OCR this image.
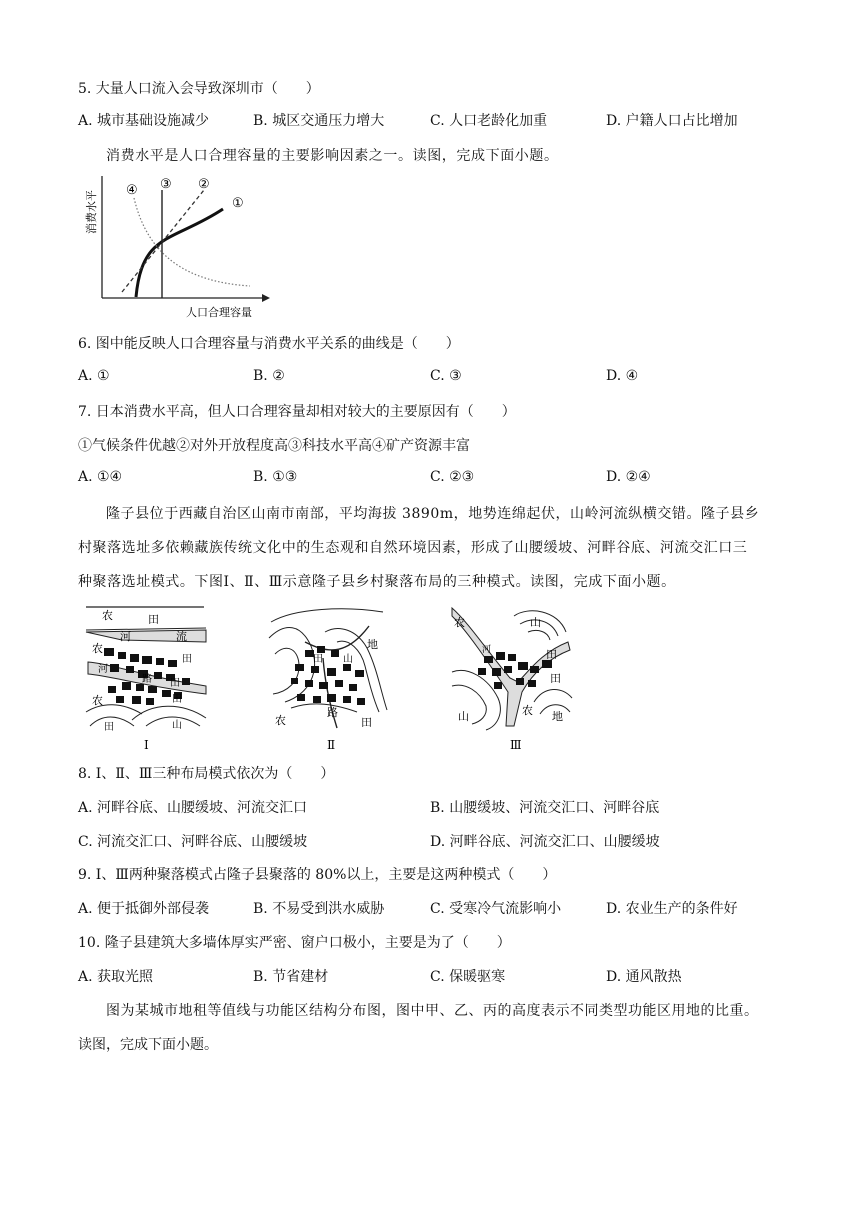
5. 大量人口流入会导致深圳市（　　）
A. 城市基础设施减少	B. 城区交通压力增大	C. 人口老龄化加重	D. 户籍人口占比增加
消费水平是人口合理容量的主要影响因素之一。读图，完成下面小题。
①
②
③
④
消费水平
人口合理容量
6. 图中能反映人口合理容量与消费水平关系的曲线是（　　）
A. ①	B. ②	C. ③	D. ④
7. 日本消费水平高，但人口合理容量却相对较大的主要原因有（　　）
①气候条件优越②对外开放程度高③科技水平高④矿产资源丰富
A. ①④	B. ①③	C. ②③	D. ②④
隆子县位于西藏自治区山南市南部，平均海拔 3890m，地势连绵起伏，山岭河流纵横交错。隆子县乡
村聚落选址多依赖藏族传统文化中的生态观和自然环境因素，形成了山腰缓坡、河畔谷底、河流交汇口三
种聚落选址模式。下图Ⅰ、Ⅱ、Ⅲ示意隆子县乡村聚落布局的三种模式。读图，完成下面小题。
农	田
河	流
农
河
田
田
路
农	田
田	山
Ⅰ
田 山
地
农
路
田
Ⅱ
农	山
田
田
河
山	农 地
Ⅲ
8. Ⅰ、Ⅱ、Ⅲ三种布局模式依次为（　　）
A. 河畔谷底、山腰缓坡、河流交汇口	B. 山腰缓坡、河流交汇口、河畔谷底
C. 河流交汇口、河畔谷底、山腰缓坡	D. 河畔谷底、河流交汇口、山腰缓坡
9. Ⅰ、Ⅲ两种聚落模式占隆子县聚落的 80%以上，主要是这两种模式（　　）
A. 便于抵御外部侵袭	B. 不易受到洪水威胁	C. 受寒冷气流影响小	D. 农业生产的条件好
10. 隆子县建筑大多墙体厚实严密、窗户口极小，主要是为了（　　）
A. 获取光照	B. 节省建材	C. 保暖驱寒	D. 通风散热
图为某城市地租等值线与功能区结构分布图，图中甲、乙、丙的高度表示不同类型功能区用地的比重。
读图，完成下面小题。
